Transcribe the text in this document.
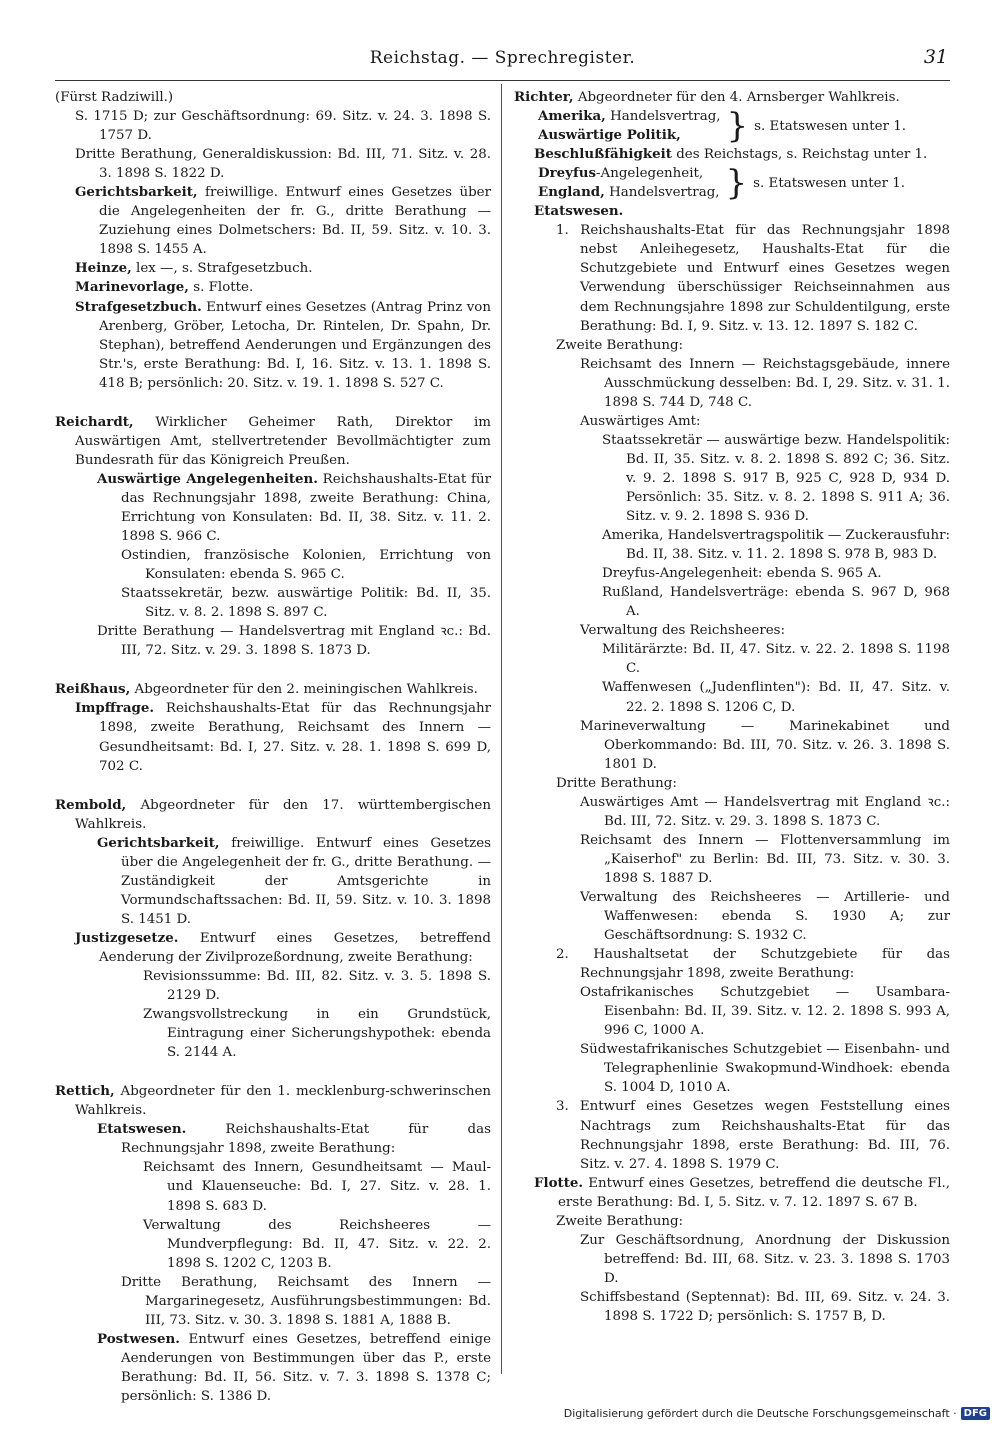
Reichstag. — Sprechregister.	31

(Fürst Radziwill.)

S. 1715 D; zur Geschäftsordnung: 69. Sitz. v. 24. 3. 1898 S. 1757 D.

Dritte Berathung, Generaldiskussion: Bd. III, 71. Sitz. v. 28. 3. 1898 S. 1822 D.

Gerichtsbarkeit, freiwillige. Entwurf eines Gesetzes über die Angelegenheiten der fr. G., dritte Berathung — Zuziehung eines Dolmetschers: Bd. II, 59. Sitz. v. 10. 3. 1898 S. 1455 A.

Heinze, lex —, s. Strafgesetzbuch.

Marinevorlage, s. Flotte.

Strafgesetzbuch. Entwurf eines Gesetzes (Antrag Prinz von Arenberg, Gröber, Letocha, Dr. Rintelen, Dr. Spahn, Dr. Stephan), betreffend Aenderungen und Ergänzungen des Str.'s, erste Berathung: Bd. I, 16. Sitz. v. 13. 1. 1898 S. 418 B; persönlich: 20. Sitz. v. 19. 1. 1898 S. 527 C.

Reichardt, Wirklicher Geheimer Rath, Direktor im Auswärtigen Amt, stellvertretender Bevollmächtigter zum Bundesrath für das Königreich Preußen.

Auswärtige Angelegenheiten. Reichshaushalts-Etat für das Rechnungsjahr 1898, zweite Berathung: China, Errichtung von Konsulaten: Bd. II, 38. Sitz. v. 11. 2. 1898 S. 966 C.

Ostindien, französische Kolonien, Errichtung von Konsulaten: ebenda S. 965 C.

Staatssekretär, bezw. auswärtige Politik: Bd. II, 35. Sitz. v. 8. 2. 1898 S. 897 C.

Dritte Berathung — Handelsvertrag mit England ꝛc.: Bd. III, 72. Sitz. v. 29. 3. 1898 S. 1873 D.

Reißhaus, Abgeordneter für den 2. meiningischen Wahlkreis.

Impffrage. Reichshaushalts-Etat für das Rechnungsjahr 1898, zweite Berathung, Reichsamt des Innern — Gesundheitsamt: Bd. I, 27. Sitz. v. 28. 1. 1898 S. 699 D, 702 C.

Rembold, Abgeordneter für den 17. württembergischen Wahlkreis.

Gerichtsbarkeit, freiwillige. Entwurf eines Gesetzes über die Angelegenheit der fr. G., dritte Berathung. — Zuständigkeit der Amtsgerichte in Vormundschaftssachen: Bd. II, 59. Sitz. v. 10. 3. 1898 S. 1451 D.

Justizgesetze. Entwurf eines Gesetzes, betreffend Aenderung der Zivilprozeßordnung, zweite Berathung:

Revisionssumme: Bd. III, 82. Sitz. v. 3. 5. 1898 S. 2129 D.

Zwangsvollstreckung in ein Grundstück, Eintragung einer Sicherungshypothek: ebenda S. 2144 A.

Rettich, Abgeordneter für den 1. mecklenburg-schwerinschen Wahlkreis.

Etatswesen. Reichshaushalts-Etat für das Rechnungsjahr 1898, zweite Berathung:

Reichsamt des Innern, Gesundheitsamt — Maul- und Klauenseuche: Bd. I, 27. Sitz. v. 28. 1. 1898 S. 683 D.

Verwaltung des Reichsheeres — Mundverpflegung: Bd. II, 47. Sitz. v. 22. 2. 1898 S. 1202 C, 1203 B.

Dritte Berathung, Reichsamt des Innern — Margarinegesetz, Ausführungsbestimmungen: Bd. III, 73. Sitz. v. 30. 3. 1898 S. 1881 A, 1888 B.

Postwesen. Entwurf eines Gesetzes, betreffend einige Aenderungen von Bestimmungen über das P., erste Berathung: Bd. II, 56. Sitz. v. 7. 3. 1898 S. 1378 C; persönlich: S. 1386 D.

Richter, Abgeordneter für den 4. Arnsberger Wahlkreis.

Amerika, Handelsvertrag,
Auswärtige Politik,	} s. Etatswesen unter 1.

Beschlußfähigkeit des Reichstags, s. Reichstag unter 1.

Dreyfus-Angelegenheit,
England, Handelsvertrag, } s. Etatswesen unter 1.

Etatswesen.

1. Reichshaushalts-Etat für das Rechnungsjahr 1898 nebst Anleihegesetz, Haushalts-Etat für die Schutzgebiete und Entwurf eines Gesetzes wegen Verwendung überschüssiger Reichseinnahmen aus dem Rechnungsjahre 1898 zur Schuldentilgung, erste Berathung: Bd. I, 9. Sitz. v. 13. 12. 1897 S. 182 C.

Zweite Berathung:

Reichsamt des Innern — Reichstagsgebäude, innere Ausschmückung desselben: Bd. I, 29. Sitz. v. 31. 1. 1898 S. 744 D, 748 C.

Auswärtiges Amt:

Staatssekretär — auswärtige bezw. Handelspolitik: Bd. II, 35. Sitz. v. 8. 2. 1898 S. 892 C; 36. Sitz. v. 9. 2. 1898 S. 917 B, 925 C, 928 D, 934 D. Persönlich: 35. Sitz. v. 8. 2. 1898 S. 911 A; 36. Sitz. v. 9. 2. 1898 S. 936 D.

Amerika, Handelsvertragspolitik — Zuckerausfuhr: Bd. II, 38. Sitz. v. 11. 2. 1898 S. 978 B, 983 D.

Dreyfus-Angelegenheit: ebenda S. 965 A.

Rußland, Handelsverträge: ebenda S. 967 D, 968 A.

Verwaltung des Reichsheeres:

Militärärzte: Bd. II, 47. Sitz. v. 22. 2. 1898 S. 1198 C.

Waffenwesen („Judenflinten"): Bd. II, 47. Sitz. v. 22. 2. 1898 S. 1206 C, D.

Marineverwaltung — Marinekabinet und Oberkommando: Bd. III, 70. Sitz. v. 26. 3. 1898 S. 1801 D.

Dritte Berathung:

Auswärtiges Amt — Handelsvertrag mit England ꝛc.: Bd. III, 72. Sitz. v. 29. 3. 1898 S. 1873 C.

Reichsamt des Innern — Flottenversammlung im „Kaiserhof" zu Berlin: Bd. III, 73. Sitz. v. 30. 3. 1898 S. 1887 D.

Verwaltung des Reichsheeres — Artillerie- und Waffenwesen: ebenda S. 1930 A; zur Geschäftsordnung: S. 1932 C.

2. Haushaltsetat der Schutzgebiete für das Rechnungsjahr 1898, zweite Berathung:

Ostafrikanisches Schutzgebiet — Usambara-Eisenbahn: Bd. II, 39. Sitz. v. 12. 2. 1898 S. 993 A, 996 C, 1000 A.

Südwestafrikanisches Schutzgebiet — Eisenbahn- und Telegraphenlinie Swakopmund-Windhoek: ebenda S. 1004 D, 1010 A.

3. Entwurf eines Gesetzes wegen Feststellung eines Nachtrags zum Reichshaushalts-Etat für das Rechnungsjahr 1898, erste Berathung: Bd. III, 76. Sitz. v. 27. 4. 1898 S. 1979 C.

Flotte. Entwurf eines Gesetzes, betreffend die deutsche Fl., erste Berathung: Bd. I, 5. Sitz. v. 7. 12. 1897 S. 67 B.

Zweite Berathung:

Zur Geschäftsordnung, Anordnung der Diskussion betreffend: Bd. III, 68. Sitz. v. 23. 3. 1898 S. 1703 D.

Schiffsbestand (Septennat): Bd. III, 69. Sitz. v. 24. 3. 1898 S. 1722 D; persönlich: S. 1757 B, D.

Digitalisierung gefördert durch die Deutsche Forschungsgemeinschaft · DFG
